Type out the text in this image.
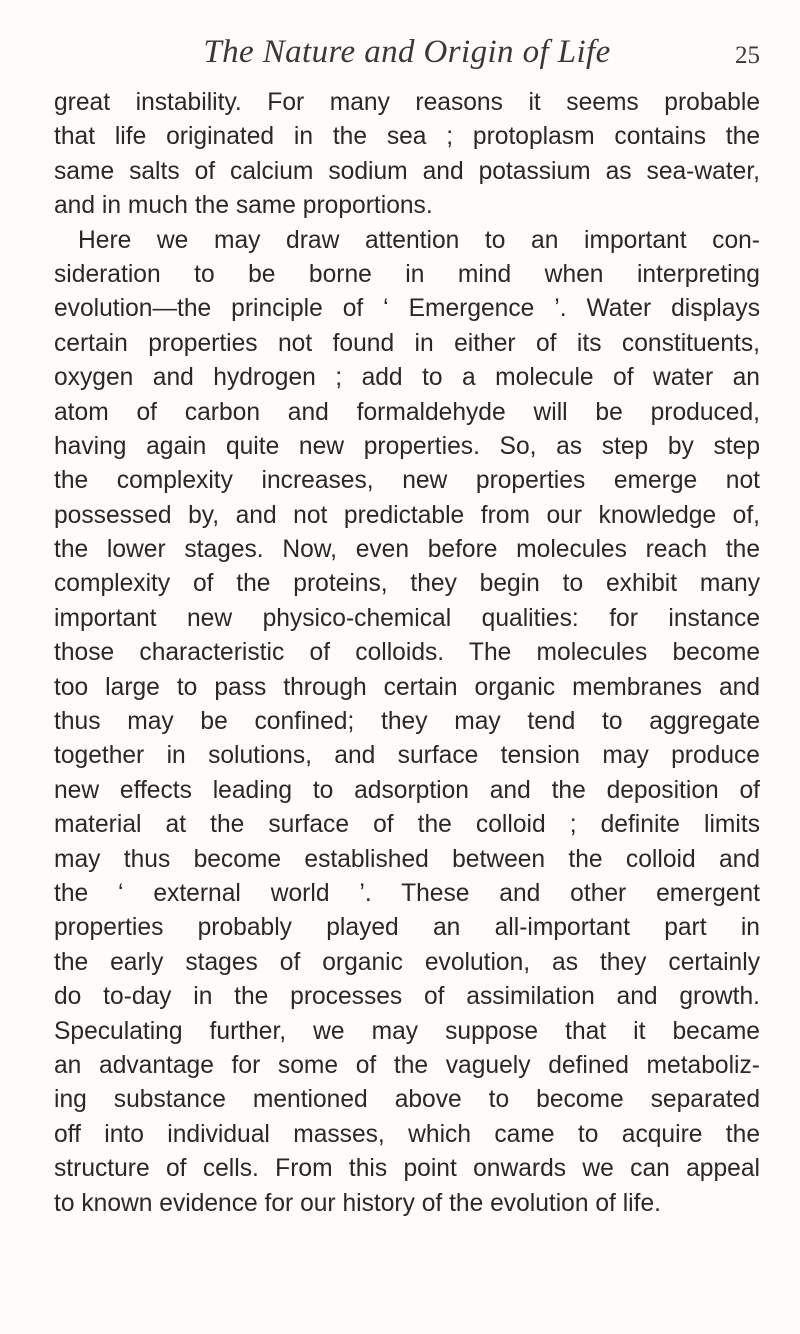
The Nature and Origin of Life	25
great instability. For many reasons it seems probable
that life originated in the sea ; protoplasm contains the
same salts of calcium sodium and potassium as sea-water,
and in much the same proportions.
Here we may draw attention to an important con-
sideration to be borne in mind when interpreting
evolution—the principle of ‘ Emergence ’. Water displays
certain properties not found in either of its constituents,
oxygen and hydrogen ; add to a molecule of water an
atom of carbon and formaldehyde will be produced,
having again quite new properties. So, as step by step
the complexity increases, new properties emerge not
possessed by, and not predictable from our knowledge of,
the lower stages. Now, even before molecules reach the
complexity of the proteins, they begin to exhibit many
important new physico-chemical qualities: for instance
those characteristic of colloids. The molecules become
too large to pass through certain organic membranes and
thus may be confined; they may tend to aggregate
together in solutions, and surface tension may produce
new effects leading to adsorption and the deposition of
material at the surface of the colloid ; definite limits
may thus become established between the colloid and
the ‘ external world ’. These and other emergent
properties probably played an all-important part in
the early stages of organic evolution, as they certainly
do to-day in the processes of assimilation and growth.
Speculating further, we may suppose that it became
an advantage for some of the vaguely defined metaboliz-
ing substance mentioned above to become separated
off into individual masses, which came to acquire the
structure of cells. From this point onwards we can appeal
to known evidence for our history of the evolution of life.
